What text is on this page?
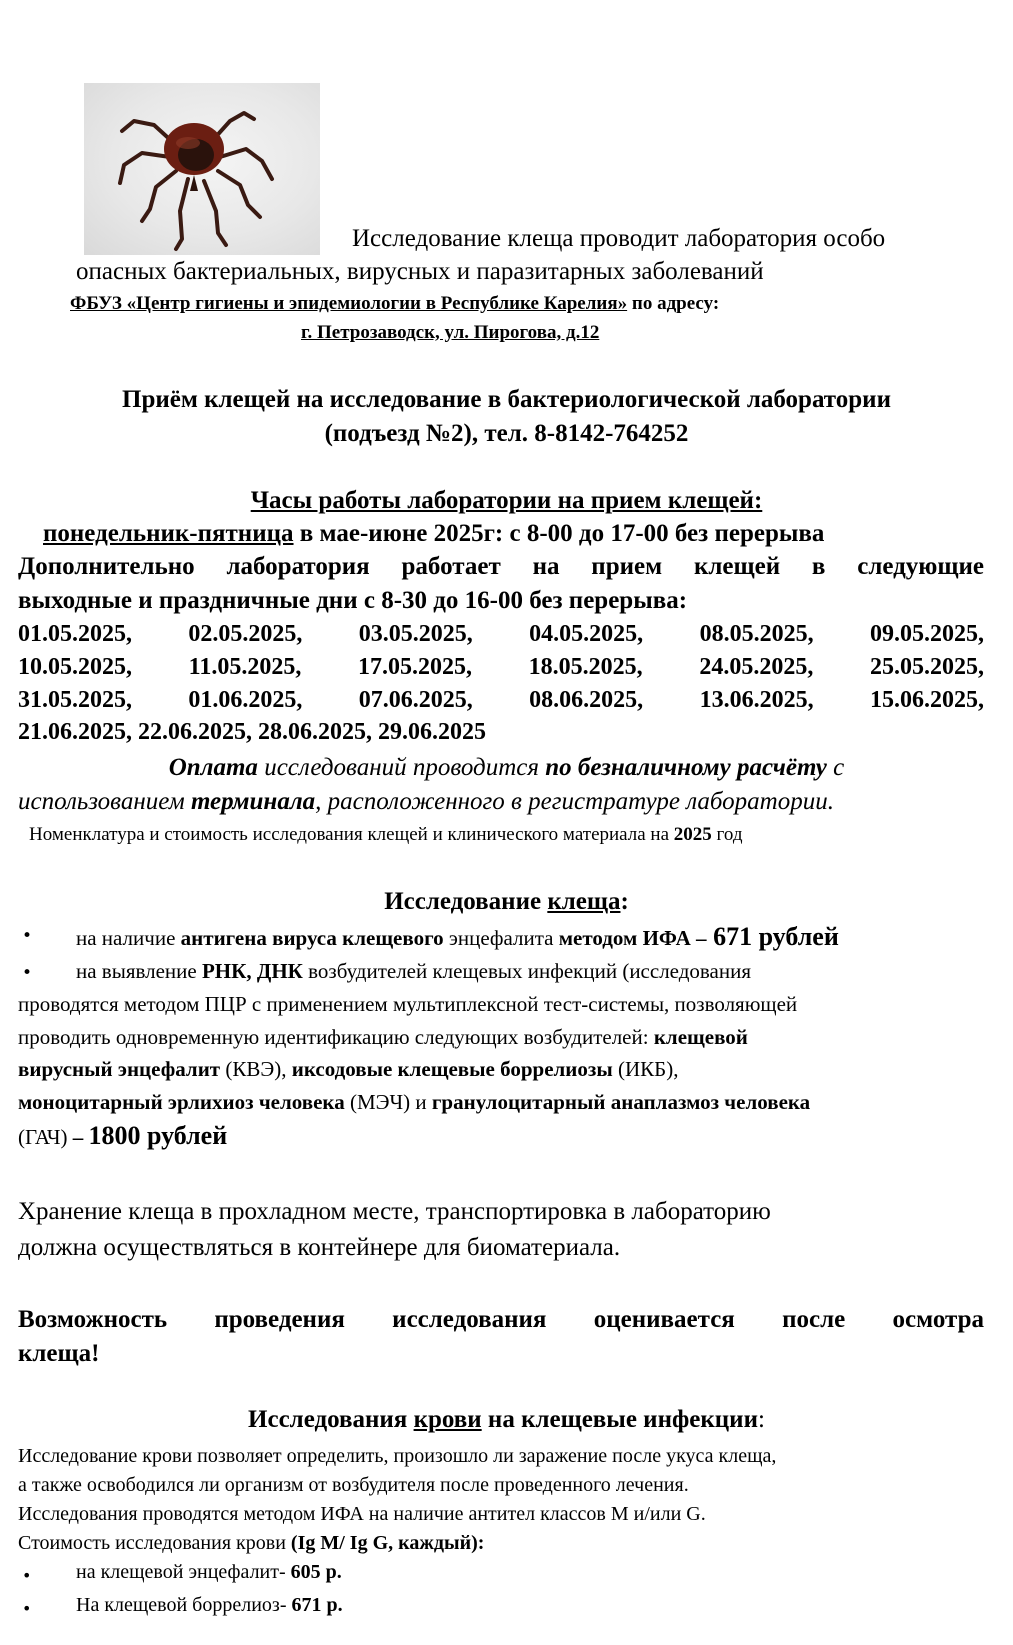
Исследование клеща проводит лаборатория особо
опасных бактериальных, вирусных и паразитарных заболеваний
ФБУЗ «Центр гигиены и эпидемиологии в Республике Карелия» по адресу:
г. Петрозаводск, ул. Пирогова, д.12
Приём клещей на исследование в бактериологической лаборатории
(подъезд №2), тел. 8-8142-764252
Часы работы лаборатории на прием клещей:
понедельник-пятница в мае-июне 2025г: с 8-00 до 17-00 без перерыва
Дополнительно лаборатория работает на прием клещей в следующие
выходные и праздничные дни с 8-30 до 16-00 без перерыва:
01.05.2025, 02.05.2025, 03.05.2025, 04.05.2025, 08.05.2025, 09.05.2025,
10.05.2025, 11.05.2025, 17.05.2025, 18.05.2025, 24.05.2025, 25.05.2025,
31.05.2025, 01.06.2025, 07.06.2025, 08.06.2025, 13.06.2025, 15.06.2025,
21.06.2025, 22.06.2025, 28.06.2025, 29.06.2025
Оплата исследований проводится по безналичному расчёту с
использованием терминала, расположенного в регистратуре лаборатории.
Номенклатура и стоимость исследования клещей и клинического материала на 2025 год
Исследование клеща:
• на наличие антигена вируса клещевого энцефалита методом ИФА – 671 рублей
• на выявление РНК, ДНК возбудителей клещевых инфекций (исследования
проводятся методом ПЦР с применением мультиплексной тест-системы, позволяющей
проводить одновременную идентификацию следующих возбудителей: клещевой
вирусный энцефалит (КВЭ), иксодовые клещевые боррелиозы (ИКБ),
моноцитарный эрлихиоз человека (МЭЧ) и гранулоцитарный анаплазмоз человека
(ГАЧ) – 1800 рублей
Хранение клеща в прохладном месте, транспортировка в лабораторию
должна осуществляться в контейнере для биоматериала.
Возможность проведения исследования оценивается после осмотра
клеща!
Исследования крови на клещевые инфекции:
Исследование крови позволяет определить, произошло ли заражение после укуса клеща,
а также освободился ли организм от возбудителя после проведенного лечения.
Исследования проводятся методом ИФА на наличие антител классов М и/или G.
Стоимость исследования крови (Ig M/ Ig G, каждый):
• на клещевой энцефалит- 605 р.
• На клещевой боррелиоз- 671 р.
